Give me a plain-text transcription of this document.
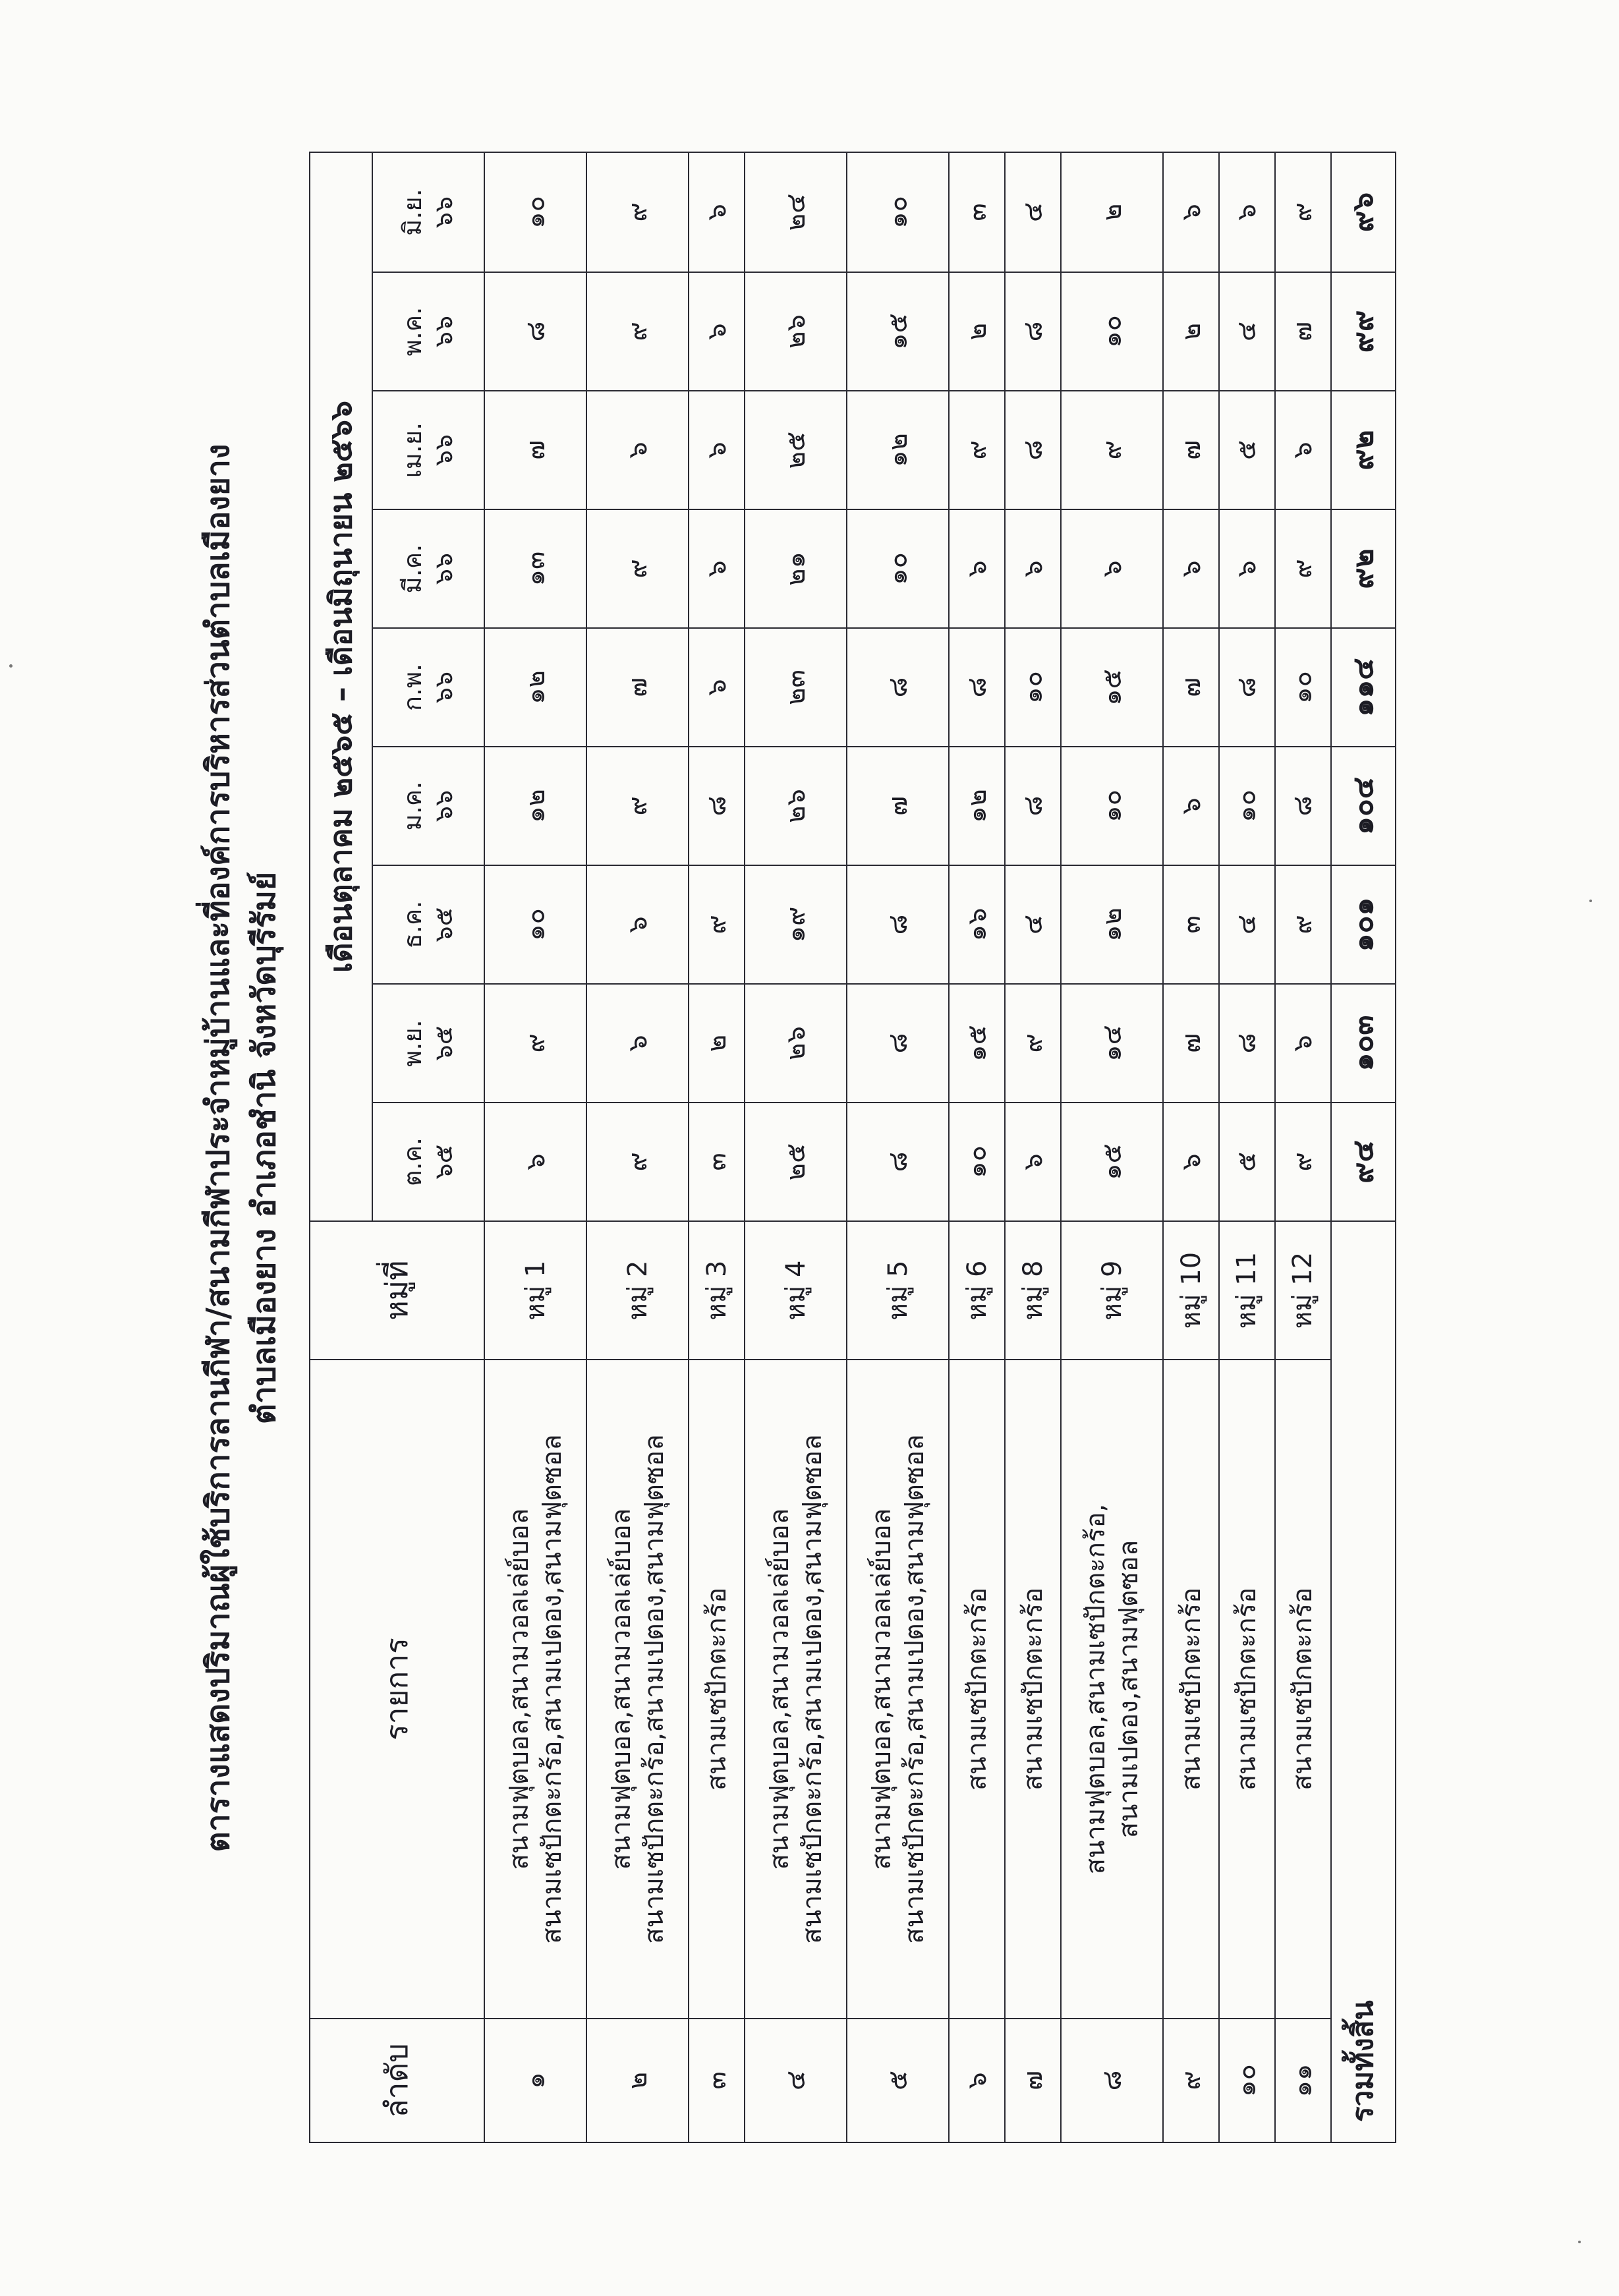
ตารางแสดงปริมาณผู้ใช้บริการลานกีฬา/สนามกีฬาประจำหมู่บ้านและที่องค์การบริหารส่วนตำบลเมืองยาง ตำบลเมืองยาง อำเภอชำนิ จังหวัดบุรีรัมย์
ลำดับ	รายการ	หมู่ที่	เดือนตุลาคม ๒๕๖๕ – เดือนมิถุนายน ๒๕๖๖								

			ต.ค. ๖๕	พ.ย. ๖๕	ธ.ค. ๖๕	ม.ค. ๖๖	ก.พ. ๖๖	มี.ค. ๖๖	เม.ย. ๖๖	พ.ค. ๖๖	มิ.ย. ๖๖

๑	สนามฟุตบอล,สนามวอลเล่ย์บอล สนามเซปักตะกร้อ,สนามเปตอง,สนามฟุตซอล	หมู่ 1	๖	๙	๑๐	๑๒	๑๒	๑๓	๗	๘	๑๐
๒	สนามฟุตบอล,สนามวอลเล่ย์บอล สนามเซปักตะกร้อ,สนามเปตอง,สนามฟุตซอล	หมู่ 2	๙	๖	๖	๙	๗	๙	๖	๙	๙
๓	สนามเซปักตะกร้อ	หมู่ 3	๓	๒	๙	๘	๖	๖	๖	๖	๖
๔	สนามฟุตบอล,สนามวอลเล่ย์บอล สนามเซปักตะกร้อ,สนามเปตอง,สนามฟุตซอล	หมู่ 4	๒๕	๒๖	๑๙	๒๖	๒๓	๒๑	๒๕	๒๖	๒๔
๕	สนามฟุตบอล,สนามวอลเล่ย์บอล สนามเซปักตะกร้อ,สนามเปตอง,สนามฟุตซอล	หมู่ 5	๘	๘	๘	๗	๘	๑๐	๑๒	๑๕	๑๐
๖	สนามเซปักตะกร้อ	หมู่ 6	๑๐	๑๕	๑๖	๑๒	๘	๖	๙	๒	๓
๗	สนามเซปักตะกร้อ	หมู่ 8	๖	๙	๔	๘	๑๐	๖	๘	๘	๔
๘	สนามฟุตบอล,สนามเซปักตะกร้อ, สนามเปตอง,สนามฟุตซอล	หมู่ 9	๑๕	๑๔	๑๒	๑๐	๑๕	๖	๙	๑๐	๒
๙	สนามเซปักตะกร้อ	หมู่ 10	๖	๗	๓	๖	๗	๖	๗	๒	๖
๑๐	สนามเซปักตะกร้อ	หมู่ 11	๕	๘	๔	๑๐	๘	๖	๕	๔	๖
๑๑	สนามเซปักตะกร้อ	หมู่ 12	๙	๖	๙	๘	๑๐	๙	๖	๗	๙
รวมทั้งสิ้น			๙๔	๑๐๓	๑๐๑	๑๐๔	๑๑๔	๙๒	๙๒	๙๙	๙๖
